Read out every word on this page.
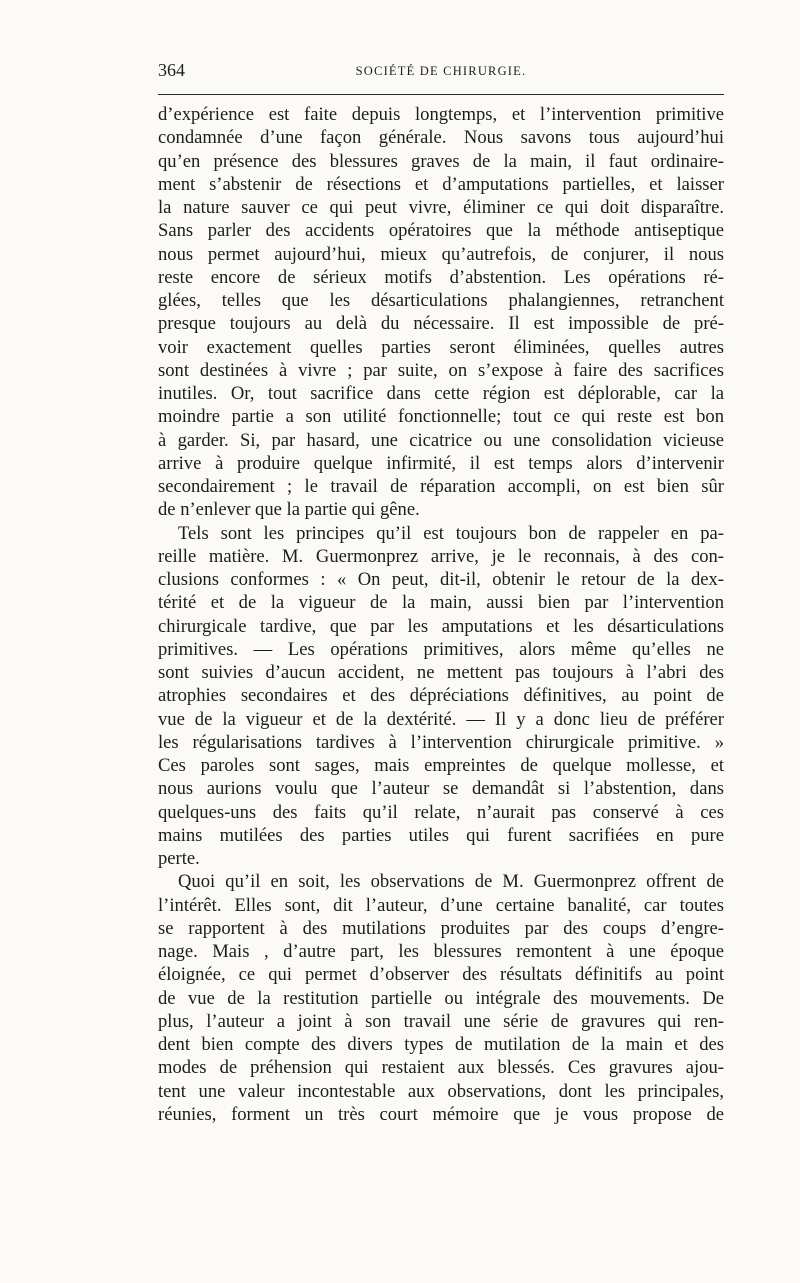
364	SOCIÉTÉ DE CHIRURGIE.
d’expérience est faite depuis longtemps, et l’intervention primitive
condamnée d’une façon générale. Nous savons tous aujourd’hui
qu’en présence des blessures graves de la main, il faut ordinaire-
ment s’abstenir de résections et d’amputations partielles, et laisser
la nature sauver ce qui peut vivre, éliminer ce qui doit disparaître.
Sans parler des accidents opératoires que la méthode antiseptique
nous permet aujourd’hui, mieux qu’autrefois, de conjurer, il nous
reste encore de sérieux motifs d’abstention. Les opérations ré-
glées, telles que les désarticulations phalangiennes, retranchent
presque toujours au delà du nécessaire. Il est impossible de pré-
voir exactement quelles parties seront éliminées, quelles autres
sont destinées à vivre ; par suite, on s’expose à faire des sacrifices
inutiles. Or, tout sacrifice dans cette région est déplorable, car la
moindre partie a son utilité fonctionnelle; tout ce qui reste est bon
à garder. Si, par hasard, une cicatrice ou une consolidation vicieuse
arrive à produire quelque infirmité, il est temps alors d’intervenir
secondairement ; le travail de réparation accompli, on est bien sûr
de n’enlever que la partie qui gêne.
Tels sont les principes qu’il est toujours bon de rappeler en pa-
reille matière. M. Guermonprez arrive, je le reconnais, à des con-
clusions conformes : « On peut, dit-il, obtenir le retour de la dex-
térité et de la vigueur de la main, aussi bien par l’intervention
chirurgicale tardive, que par les amputations et les désarticulations
primitives. — Les opérations primitives, alors même qu’elles ne
sont suivies d’aucun accident, ne mettent pas toujours à l’abri des
atrophies secondaires et des dépréciations définitives, au point de
vue de la vigueur et de la dextérité. — Il y a donc lieu de préférer
les régularisations tardives à l’intervention chirurgicale primitive. »
Ces paroles sont sages, mais empreintes de quelque mollesse, et
nous aurions voulu que l’auteur se demandât si l’abstention, dans
quelques-uns des faits qu’il relate, n’aurait pas conservé à ces
mains mutilées des parties utiles qui furent sacrifiées en pure
perte.
Quoi qu’il en soit, les observations de M. Guermonprez offrent de
l’intérêt. Elles sont, dit l’auteur, d’une certaine banalité, car toutes
se rapportent à des mutilations produites par des coups d’engre-
nage. Mais , d’autre part, les blessures remontent à une époque
éloignée, ce qui permet d’observer des résultats définitifs au point
de vue de la restitution partielle ou intégrale des mouvements. De
plus, l’auteur a joint à son travail une série de gravures qui ren-
dent bien compte des divers types de mutilation de la main et des
modes de préhension qui restaient aux blessés. Ces gravures ajou-
tent une valeur incontestable aux observations, dont les principales,
réunies, forment un très court mémoire que je vous propose de
